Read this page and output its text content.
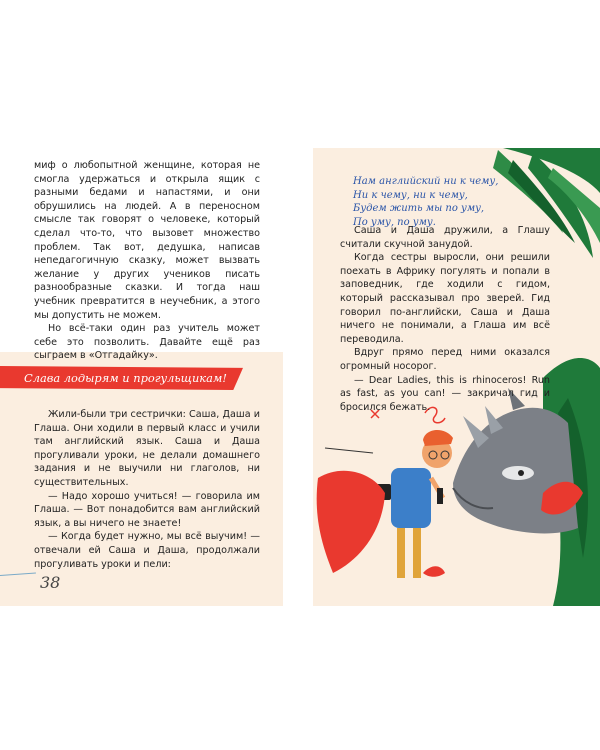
миф о любопытной женщине, которая не смогла удержаться и открыла ящик с разными бедами и напастями, и они обрушились на людей. А в переносном смысле так говорят о человеке, который сделал что-то, что вызовет множество проблем. Так вот, дедушка, написав непедагогичную сказку, может вызвать желание у других учеников писать разнообразные сказки. И тогда наш учебник превратится в неучебник, а этого мы допустить не можем.

Но всё-таки один раз учитель может себе это позволить. Давайте ещё раз сыграем в «Отгадайку».

Слава лодырям и прогульщикам!

Жили-были три сестрички: Саша, Даша и Глаша. Они ходили в первый класс и учили там английский язык. Саша и Даша прогуливали уроки, не делали домашнего задания и не выучили ни глаголов, ни существительных.

— Надо хорошо учиться! — говорила им Глаша. — Вот понадобится вам английский язык, а вы ничего не знаете!

— Когда будет нужно, мы всё выучим! — отвечали ей Саша и Даша, продолжали прогуливать уроки и пели:

38
Нам английский ни к чему,
Ни к чему, ни к чему,
Будем жить мы по уму,
По уму, по уму.

Саша и Даша дружили, а Глашу считали скучной занудой.

Когда сестры выросли, они решили поехать в Африку погулять и попали в заповедник, где ходили с гидом, который рассказывал про зверей. Гид говорил по-английски, Саша и Даша ничего не понимали, а Глаша им всё переводила.

Вдруг прямо перед ними оказался огромный носорог.

— Dear Ladies, this is rhinoceros! Run as fast, as you can! — закричал гид и бросился бежать.
